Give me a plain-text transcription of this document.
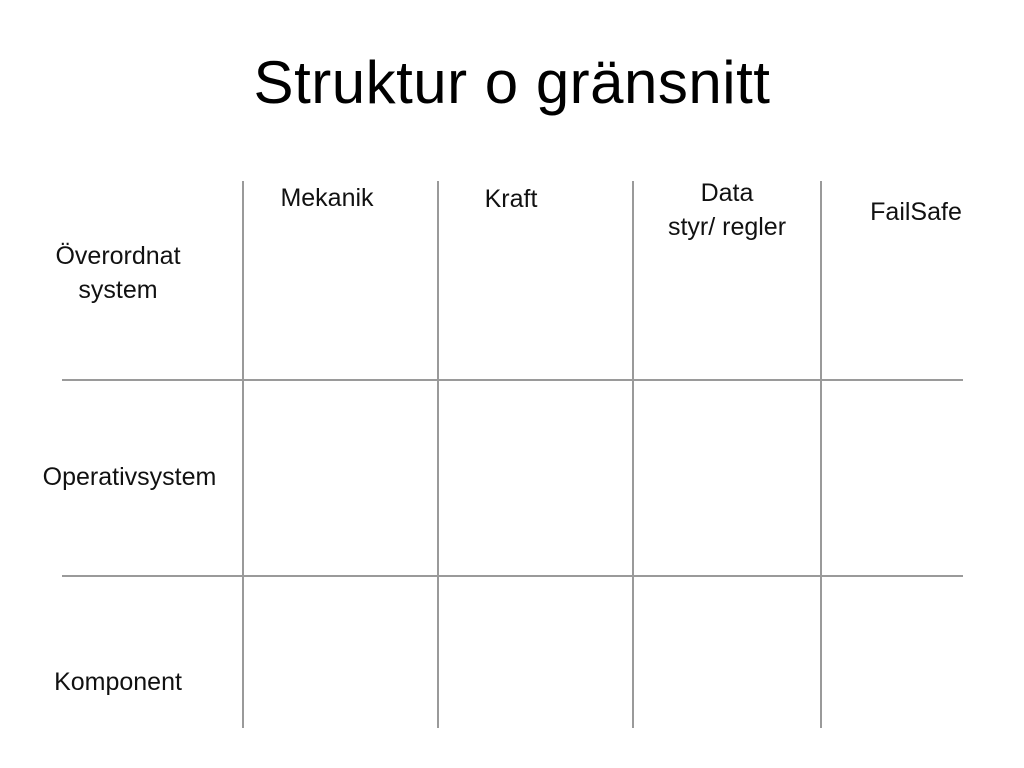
Struktur o gränsnitt
Mekanik	Kraft	Data
styr/ regler
FailSafe
Överordnat
system
Operativsystem
Komponent
